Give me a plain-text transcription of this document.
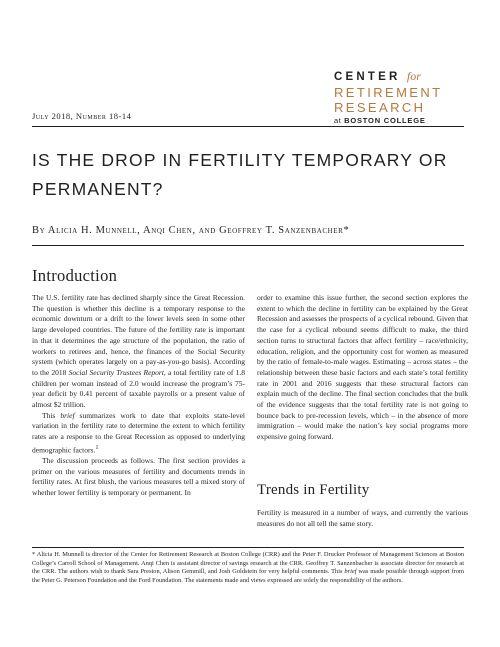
CENTER for
RETIREMENT
RESEARCH
at BOSTON COLLEGE
July 2018, Number 18-14
IS THE DROP IN FERTILITY TEMPORARY OR PERMANENT?
By Alicia H. Munnell, Anqi Chen, and Geoffrey T. Sanzenbacher*
Introduction

The U.S. fertility rate has declined sharply since the Great Recession. The question is whether this decline is a temporary response to the economic downturn or a drift to the lower levels seen in some other large developed countries. The future of the fertility rate is important in that it determines the age structure of the population, the ratio of workers to retirees and, hence, the finances of the Social Security system (which operates largely on a pay-as-you-go basis). According to the 2018 Social Security Trustees Report, a total fertility rate of 1.8 children per woman instead of 2.0 would increase the program’s 75-year deficit by 0.41 percent of taxable payrolls or a present value of almost $2 trillion.

This brief summarizes work to date that exploits state-level variation in the fertility rate to determine the extent to which fertility rates are a response to the Great Recession as opposed to underlying demographic factors.$^1$

The discussion proceeds as follows. The first section provides a primer on the various measures of fertility and documents trends in fertility rates. At first blush, the various measures tell a mixed story of whether lower fertility is temporary or permanent. In

order to examine this issue further, the second section explores the extent to which the decline in fertility can be explained by the Great Recession and assesses the prospects of a cyclical rebound. Given that the case for a cyclical rebound seems difficult to make, the third section turns to structural factors that affect fertility – race/ethnicity, education, religion, and the opportunity cost for women as measured by the ratio of female-to-male wages. Estimating – across states – the relationship between these basic factors and each state’s total fertility rate in 2001 and 2016 suggests that these structural factors can explain much of the decline. The final section concludes that the bulk of the evidence suggests that the total fertility rate is not going to bounce back to pre-recession levels, which – in the absence of more immigration – would make the nation’s key social programs more expensive going forward.

Trends in Fertility

Fertility is measured in a number of ways, and currently the various measures do not all tell the same story.

* Alicia H. Munnell is director of the Center for Retirement Research at Boston College (CRR) and the Peter F. Drucker Professor of Management Sciences at Boston College’s Carroll School of Management. Anqi Chen is assistant director of savings research at the CRR. Geoffrey T. Sanzenbacher is associate director for research at the CRR. The authors wish to thank Sara Preston, Alison Gemmill, and Josh Goldstein for very helpful comments. This brief was made possible through support from the Peter G. Peterson Foundation and the Ford Foundation. The statements made and views expressed are solely the responsibility of the authors.
